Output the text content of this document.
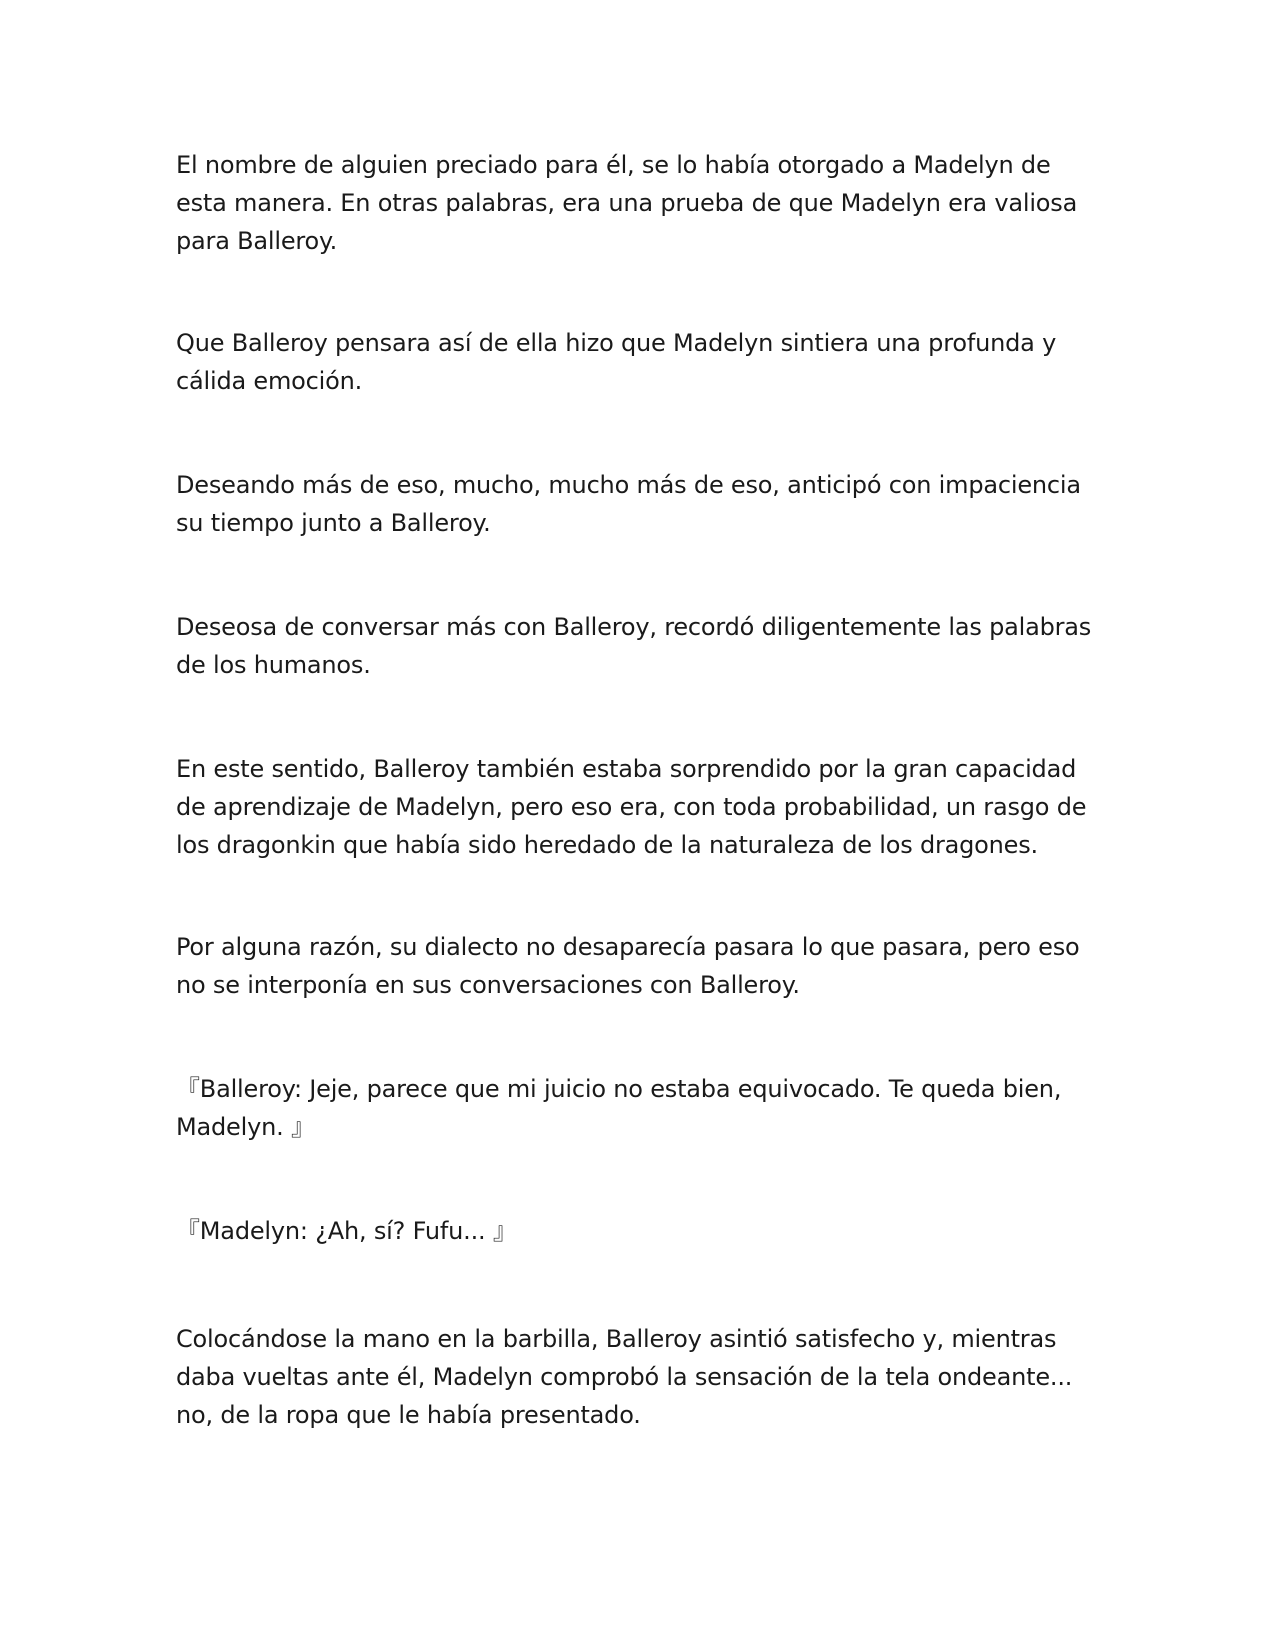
El nombre de alguien preciado para él, se lo había otorgado a Madelyn de
esta manera. En otras palabras, era una prueba de que Madelyn era valiosa
para Balleroy.

Que Balleroy pensara así de ella hizo que Madelyn sintiera una profunda y
cálida emoción.

Deseando más de eso, mucho, mucho más de eso, anticipó con impaciencia
su tiempo junto a Balleroy.

Deseosa de conversar más con Balleroy, recordó diligentemente las palabras
de los humanos.

En este sentido, Balleroy también estaba sorprendido por la gran capacidad
de aprendizaje de Madelyn, pero eso era, con toda probabilidad, un rasgo de
los dragonkin que había sido heredado de la naturaleza de los dragones.

Por alguna razón, su dialecto no desaparecía pasara lo que pasara, pero eso
no se interponía en sus conversaciones con Balleroy.

『Balleroy: Jeje, parece que mi juicio no estaba equivocado. Te queda bien,
Madelyn. 』

『Madelyn: ¿Ah, sí? Fufu... 』

Colocándose la mano en la barbilla, Balleroy asintió satisfecho y, mientras
daba vueltas ante él, Madelyn comprobó la sensación de la tela ondeante...
no, de la ropa que le había presentado.
